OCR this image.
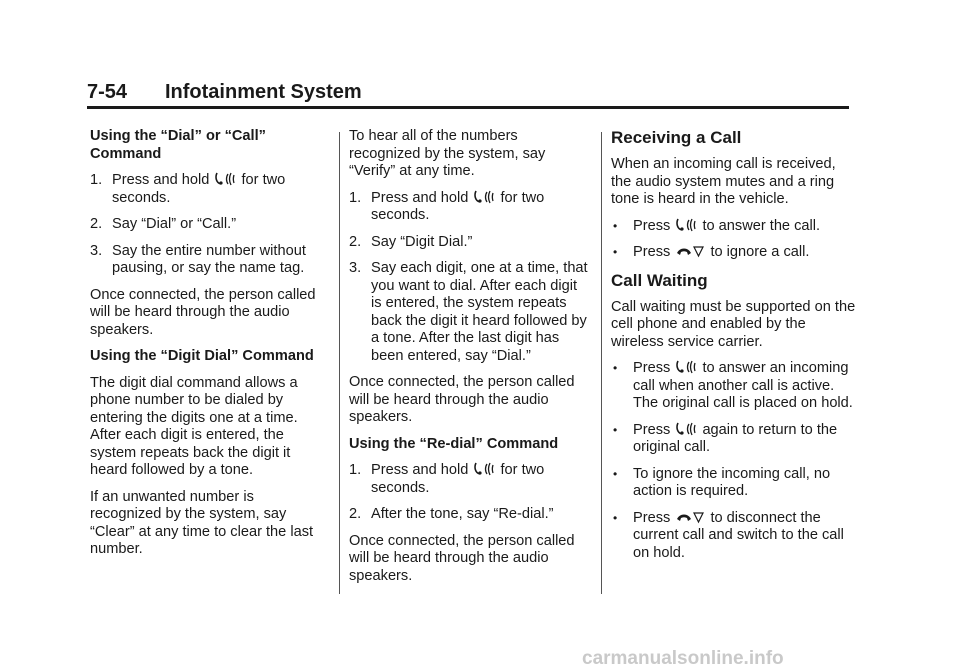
7-54 Infotainment System

Using the “Dial” or “Call” Command

1. Press and hold for two seconds.
2. Say “Dial” or “Call.”
3. Say the entire number without pausing, or say the name tag.

Once connected, the person called will be heard through the audio speakers.

Using the “Digit Dial” Command

The digit dial command allows a phone number to be dialed by entering the digits one at a time. After each digit is entered, the system repeats back the digit it heard followed by a tone.

If an unwanted number is recognized by the system, say “Clear” at any time to clear the last number.

To hear all of the numbers recognized by the system, say “Verify” at any time.

1. Press and hold for two seconds.
2. Say “Digit Dial.”
3. Say each digit, one at a time, that you want to dial. After each digit is entered, the system repeats back the digit it heard followed by a tone. After the last digit has been entered, say “Dial.”

Once connected, the person called will be heard through the audio speakers.

Using the “Re-dial” Command

1. Press and hold for two seconds.
2. After the tone, say “Re-dial.”

Once connected, the person called will be heard through the audio speakers.

Receiving a Call

When an incoming call is received, the audio system mutes and a ring tone is heard in the vehicle.

• Press to answer the call.
• Press	to ignore a call.
Call Waiting

Call waiting must be supported on the cell phone and enabled by the wireless service carrier.

• Press to answer an incoming call when another call is active. The original call is placed on hold.
• Press again to return to the original call.
• To ignore the incoming call, no action is required.
• Press	to disconnect the current call and switch to the call on hold.
carmanualsonline.info
